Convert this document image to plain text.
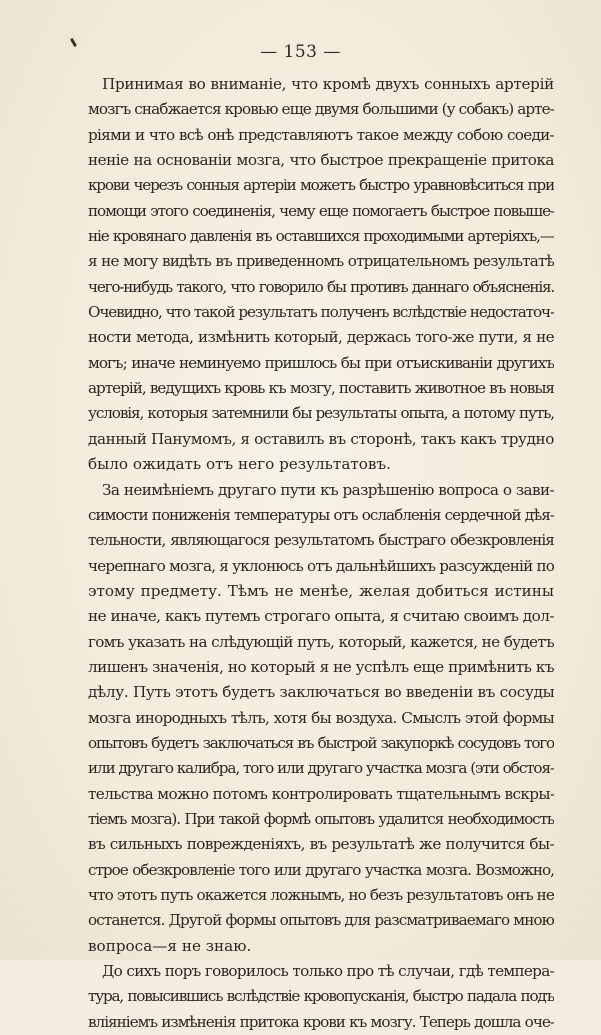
— 153 —
Принимая во вниманіе, что кромѣ двухъ сонныхъ артерій
мозгъ снабжается кровью еще двумя большими (у собакъ) арте-
ріями и что всѣ онѣ представляютъ такое между собою соеди-
неніе на основаніи мозга, что быстрое прекращеніе притока
крови черезъ сонныя артеріи можетъ быстро уравновѣситься при
помощи этого соединенія, чему еще помогаетъ быстрое повыше-
ніе кровянаго давленія въ оставшихся проходимыми артеріяхъ,—
я не могу видѣть въ приведенномъ отрицательномъ результатѣ
чего-нибудь такого, что говорило бы противъ даннаго объясненія.
Очевидно, что такой результатъ полученъ вслѣдствіе недостаточ-
ности метода, измѣнить который, держась того-же пути, я не
могъ; иначе неминуемо пришлось бы при отъискиваніи другихъ
артерій, ведущихъ кровь къ мозгу, поставить животное въ новыя
условія, которыя затемнили бы результаты опыта, а потому путь,
данный Панумомъ, я оставилъ въ сторонѣ, такъ какъ трудно
было ожидать отъ него результатовъ.
За неимѣніемъ другаго пути къ разрѣшенію вопроса о зави-
симости пониженія температуры отъ ослабленія сердечной дѣя-
тельности, являющагося результатомъ быстраго обезкровленія
черепнаго мозга, я уклонюсь отъ дальнѣйшихъ разсужденій по
этому предмету. Тѣмъ не менѣе, желая добиться истины
не иначе, какъ путемъ строгаго опыта, я считаю своимъ дол-
гомъ указать на слѣдующій путь, который, кажется, не будетъ
лишенъ значенія, но который я не успѣлъ еще примѣнить къ
дѣлу. Путь этотъ будетъ заключаться во введеніи въ сосуды
мозга инородныхъ тѣлъ, хотя бы воздуха. Смыслъ этой формы
опытовъ будетъ заключаться въ быстрой закупоркѣ сосудовъ того
или другаго калибра, того или другаго участка мозга (эти обстоя-
тельства можно потомъ контролировать тщательнымъ вскры-
тіемъ мозга). При такой формѣ опытовъ удалится необходимость
въ сильныхъ поврежденіяхъ, въ результатѣ же получится бы-
строе обезкровленіе того или другаго участка мозга. Возможно,
что этотъ путь окажется ложнымъ, но безъ результатовъ онъ не
останется. Другой формы опытовъ для разсматриваемаго мною
вопроса—я не знаю.
До сихъ поръ говорилось только про тѣ случаи, гдѣ темпера-
тура, повысившись вслѣдствіе кровопусканія, быстро падала подъ
вліяніемъ измѣненія притока крови къ мозгу. Теперь дошла оче-
